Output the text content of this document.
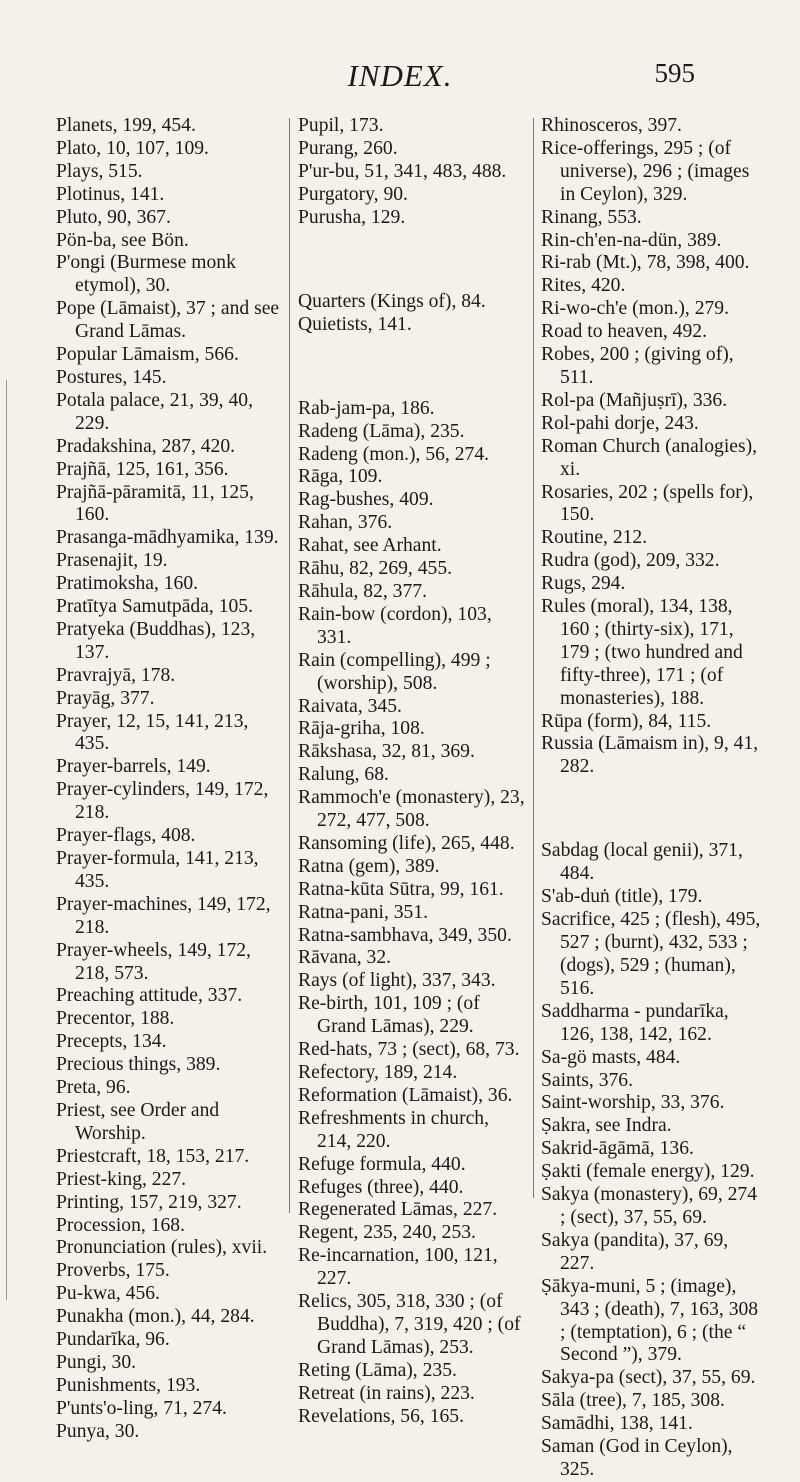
INDEX.	595

Planets, 199, 454.

Plato, 10, 107, 109.

Plays, 515.

Plotinus, 141.

Pluto, 90, 367.

Pön-ba, see Bön.

P'ongi (Burmese monk etymol), 30.

Pope (Lāmaist), 37 ; and see Grand Lāmas.

Popular Lāmaism, 566.

Postures, 145.

Potala palace, 21, 39, 40, 229.

Pradakshina, 287, 420.

Prajñā, 125, 161, 356.

Prajñā-pāramitā, 11, 125, 160.

Prasanga-mādhyamika, 139.

Prasenajit, 19.

Pratimoksha, 160.

Pratītya Samutpāda, 105.

Pratyeka (Buddhas), 123, 137.

Pravrajyā, 178.

Prayāg, 377.

Prayer, 12, 15, 141, 213, 435.

Prayer-barrels, 149.

Prayer-cylinders, 149, 172, 218.

Prayer-flags, 408.

Prayer-formula, 141, 213, 435.

Prayer-machines, 149, 172, 218.

Prayer-wheels, 149, 172, 218, 573.

Preaching attitude, 337.

Precentor, 188.

Precepts, 134.

Precious things, 389.

Preta, 96.

Priest, see Order and Worship.

Priestcraft, 18, 153, 217.

Priest-king, 227.

Printing, 157, 219, 327.

Procession, 168.

Pronunciation (rules), xvii.

Proverbs, 175.

Pu-kwa, 456.

Punakha (mon.), 44, 284.

Pundarīka, 96.

Pungi, 30.

Punishments, 193.

P'unts'o-ling, 71, 274.

Punya, 30.

Pupil, 173.

Purang, 260.

P'ur-bu, 51, 341, 483, 488.

Purgatory, 90.

Purusha, 129.

Quarters (Kings of), 84.

Quietists, 141.

Rab-jam-pa, 186.

Radeng (Lāma), 235.

Radeng (mon.), 56, 274.

Rāga, 109.

Rag-bushes, 409.

Rahan, 376.

Rahat, see Arhant.

Rāhu, 82, 269, 455.

Rāhula, 82, 377.

Rain-bow (cordon), 103, 331.

Rain (compelling), 499 ; (worship), 508.

Raivata, 345.

Rāja-griha, 108.

Rākshasa, 32, 81, 369.

Ralung, 68.

Rammoch'e (monastery), 23, 272, 477, 508.

Ransoming (life), 265, 448.

Ratna (gem), 389.

Ratna-kūta Sūtra, 99, 161.

Ratna-pani, 351.

Ratna-sambhava, 349, 350.

Rāvana, 32.

Rays (of light), 337, 343.

Re-birth, 101, 109 ; (of Grand Lāmas), 229.

Red-hats, 73 ; (sect), 68, 73.

Refectory, 189, 214.

Reformation (Lāmaist), 36.

Refreshments in church, 214, 220.

Refuge formula, 440.

Refuges (three), 440.

Regenerated Lāmas, 227.

Regent, 235, 240, 253.

Re-incarnation, 100, 121, 227.

Relics, 305, 318, 330 ; (of Buddha), 7, 319, 420 ; (of Grand Lāmas), 253.

Reting (Lāma), 235.

Retreat (in rains), 223.

Revelations, 56, 165.

Rhinosceros, 397.

Rice-offerings, 295 ; (of universe), 296 ; (images in Ceylon), 329.

Rinang, 553.

Rin-ch'en-na-dün, 389.

Ri-rab (Mt.), 78, 398, 400.

Rites, 420.

Ri-wo-ch'e (mon.), 279.

Road to heaven, 492.

Robes, 200 ; (giving of), 511.

Rol-pa (Mañjuṣrī), 336.

Rol-pahi dorje, 243.

Roman Church (analogies), xi.

Rosaries, 202 ; (spells for), 150.

Routine, 212.

Rudra (god), 209, 332.

Rugs, 294.

Rules (moral), 134, 138, 160 ; (thirty-six), 171, 179 ; (two hundred and fifty-three), 171 ; (of monasteries), 188.

Rūpa (form), 84, 115.

Russia (Lāmaism in), 9, 41, 282.

Sabdag (local genii), 371, 484.

S'ab-duṅ (title), 179.

Sacrifice, 425 ; (flesh), 495, 527 ; (burnt), 432, 533 ; (dogs), 529 ; (human), 516.

Saddharma - pundarīka, 126, 138, 142, 162.

Sa-gö masts, 484.

Saints, 376.

Saint-worship, 33, 376.

Ṣakra, see Indra.

Sakrid-āgāmā, 136.

Ṣakti (female energy), 129.

Sakya (monastery), 69, 274 ; (sect), 37, 55, 69.

Sakya (pandita), 37, 69, 227.

Ṣākya-muni, 5 ; (image), 343 ; (death), 7, 163, 308 ; (temptation), 6 ; (the “ Second ”), 379.

Sakya-pa (sect), 37, 55, 69.

Sāla (tree), 7, 185, 308.

Samādhi, 138, 141.

Saman (God in Ceylon), 325.
